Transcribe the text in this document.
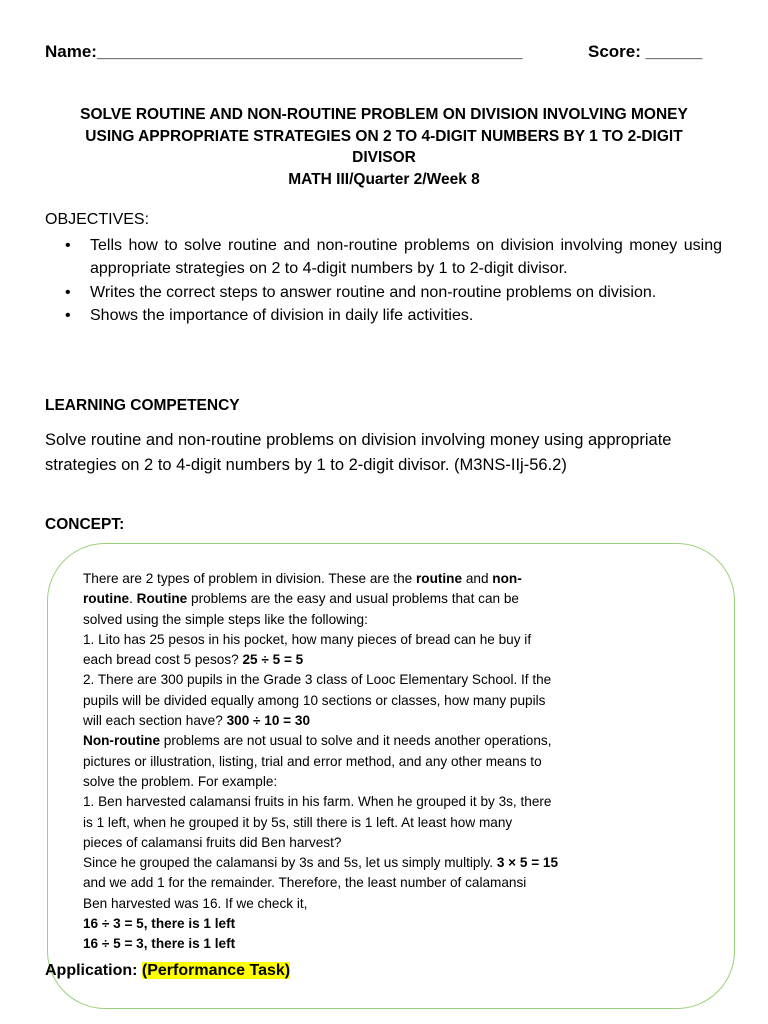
Name:_____________________________________________	Score: ______
SOLVE ROUTINE AND NON-ROUTINE PROBLEM ON DIVISION INVOLVING MONEY
USING APPROPRIATE STRATEGIES ON 2 TO 4-DIGIT NUMBERS BY 1 TO 2-DIGIT
DIVISOR
MATH III/Quarter 2/Week 8
OBJECTIVES:
• Tells how to solve routine and non-routine problems on division involving money using appropriate strategies on 2 to 4-digit numbers by 1 to 2-digit divisor.
• Writes the correct steps to answer routine and non-routine problems on division.
• Shows the importance of division in daily life activities.
LEARNING COMPETENCY
Solve routine and non-routine problems on division involving money using appropriate strategies on 2 to 4-digit numbers by 1 to 2-digit divisor. (M3NS-IIj-56.2)
CONCEPT:
There are 2 types of problem in division. These are the routine and non-
routine. Routine problems are the easy and usual problems that can be
solved using the simple steps like the following:
1. Lito has 25 pesos in his pocket, how many pieces of bread can he buy if
each bread cost 5 pesos? 25 ÷ 5 = 5
2. There are 300 pupils in the Grade 3 class of Looc Elementary School. If the
pupils will be divided equally among 10 sections or classes, how many pupils
will each section have? 300 ÷ 10 = 30
Non-routine problems are not usual to solve and it needs another operations,
pictures or illustration, listing, trial and error method, and any other means to
solve the problem. For example:
1. Ben harvested calamansi fruits in his farm. When he grouped it by 3s, there
is 1 left, when he grouped it by 5s, still there is 1 left. At least how many
pieces of calamansi fruits did Ben harvest?
Since he grouped the calamansi by 3s and 5s, let us simply multiply. 3 × 5 = 15
and we add 1 for the remainder. Therefore, the least number of calamansi
Ben harvested was 16. If we check it,
16 ÷ 3 = 5, there is 1 left
16 ÷ 5 = 3, there is 1 left
Application: (Performance Task)
